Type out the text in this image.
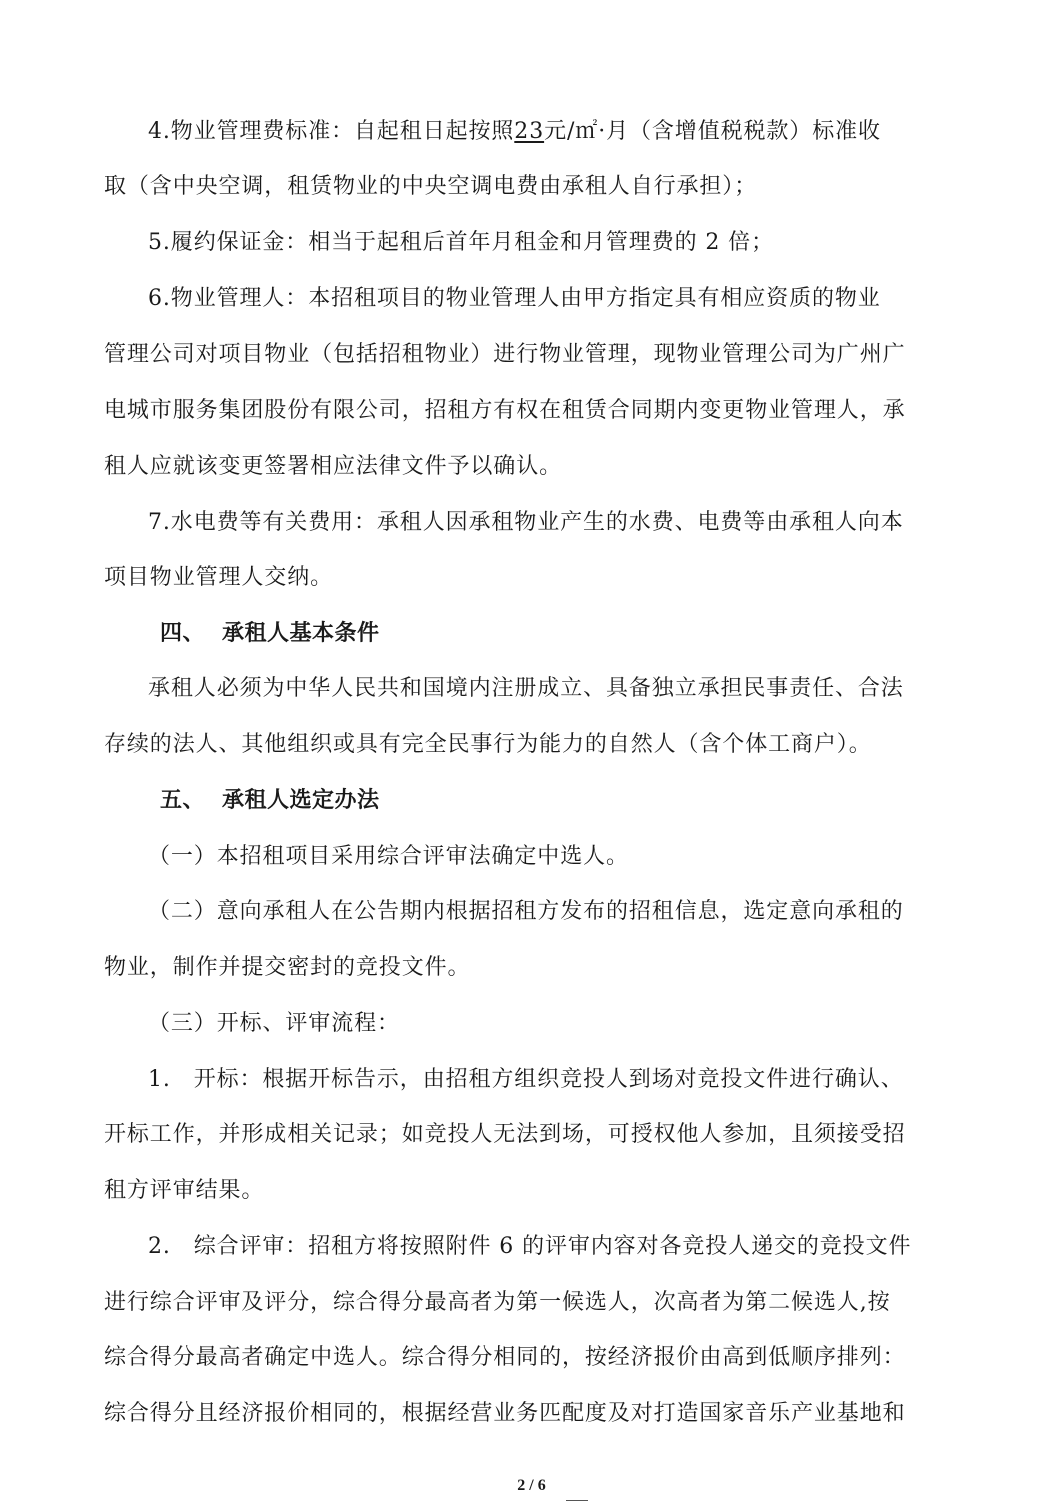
4.物业管理费标准：自起租日起按照23元/㎡·月（含增值税税款）标准收
取（含中央空调，租赁物业的中央空调电费由承租人自行承担）；
5.履约保证金：相当于起租后首年月租金和月管理费的 2 倍；
6.物业管理人：本招租项目的物业管理人由甲方指定具有相应资质的物业
管理公司对项目物业（包括招租物业）进行物业管理，现物业管理公司为广州广
电城市服务集团股份有限公司，招租方有权在租赁合同期内变更物业管理人，承
租人应就该变更签署相应法律文件予以确认。
7.水电费等有关费用：承租人因承租物业产生的水费、电费等由承租人向本
项目物业管理人交纳。
四、 承租人基本条件
承租人必须为中华人民共和国境内注册成立、具备独立承担民事责任、合法
存续的法人、其他组织或具有完全民事行为能力的自然人（含个体工商户）。
五、 承租人选定办法
（一）本招租项目采用综合评审法确定中选人。
（二）意向承租人在公告期内根据招租方发布的招租信息，选定意向承租的
物业，制作并提交密封的竞投文件。
（三）开标、评审流程：
1.　开标：根据开标告示，由招租方组织竞投人到场对竞投文件进行确认、
开标工作，并形成相关记录；如竞投人无法到场，可授权他人参加，且须接受招
租方评审结果。
2.　综合评审：招租方将按照附件 6 的评审内容对各竞投人递交的竞投文件
进行综合评审及评分，综合得分最高者为第一候选人，次高者为第二候选人,按
综合得分最高者确定中选人。综合得分相同的，按经济报价由高到低顺序排列：
综合得分且经济报价相同的，根据经营业务匹配度及对打造国家音乐产业基地和
2 / 6
